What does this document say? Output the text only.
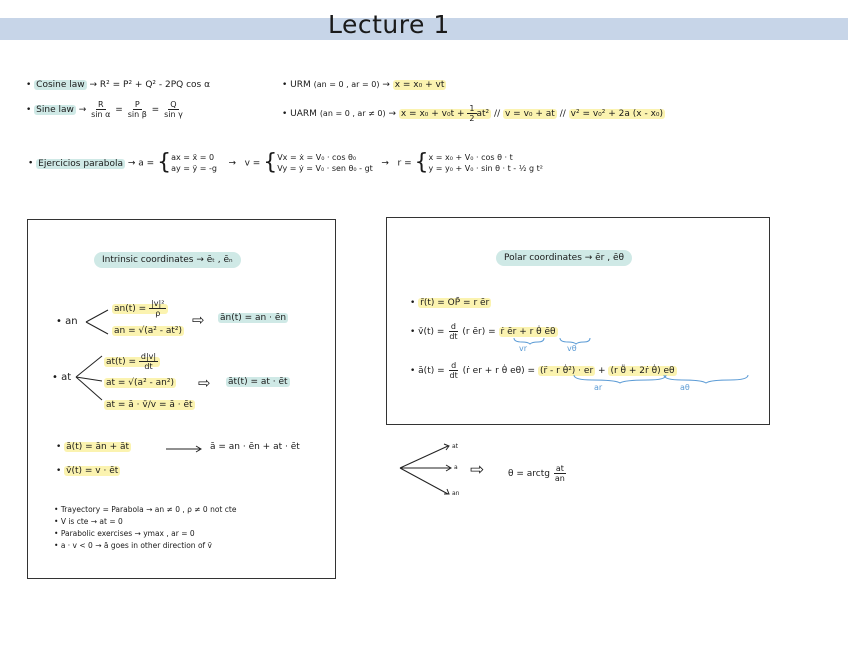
Lecture 1
• Cosine law → R² = P² + Q² - 2PQ cos α
• Sine law → $\frac{R}{\text{sin α}} = \frac{P}{\text{sin β}} = \frac{Q}{\text{sin γ}}$
• URM (an = 0 , ar = 0) → x = x₀ + vt
• UARM (an = 0 , ar ≠ $0) \to x = x_0 + v_0t + \frac{1}{2} at^2 // v = v_0$ + at // v² = v₀² + 2a (x - x₀)
• Ejercicios parabola → a = { ax = ẍ = 0
ay = ÿ = -g →   v = { Vx = ẋ = V₀ · cos θ₀
Vy = ẏ = V₀ · sen θ₀ - gt →   r = { x = x₀ + V₀ · cos θ · t
y = y₀ + V₀ · sin θ · t - ½ g t²
Intrinsic coordinates → ēₜ , ēₙ
• an
$an(t) = \frac{\text{|v|²}}{\rho}$
an = √(a² - at²)
⇨ ān(t) = an · ēn
• at
$at(t) = \frac{d|v|}{dt}$
at = √(a² - an²)
at = ā · v̄/v = ā · ēt
⇨ āt(t) = at · ēt
• ā(t) = ān + āt	ā = an · ēn + at · ēt
• v̄(t) = v · ēt
• Trayectory = Parabola → an ≠ 0 , ρ ≠ 0 not cte
• V is cte → at = 0
• Parabolic exercises → ymax , ar = 0
• a · v < 0 → ā goes in other direction of v̄
Polar coordinates → ēr , ēθ
• r̄(t) = OP̄ = r ēr
• v̄(t) = $\frac{d}{dt} (r$ ēr) = ṙ ēr + r θ̇ ēθ
vr	vθ
• ā(t) = $\frac{d}{dt}$ (ṙ er + r θ̇ eθ) = (r̈ - r θ̇²) · er + (r θ̈ + 2ṙ θ̇) eθ
ar	aθ
at
a
an
⇨	θ = arctg $\frac{at}{an}$
